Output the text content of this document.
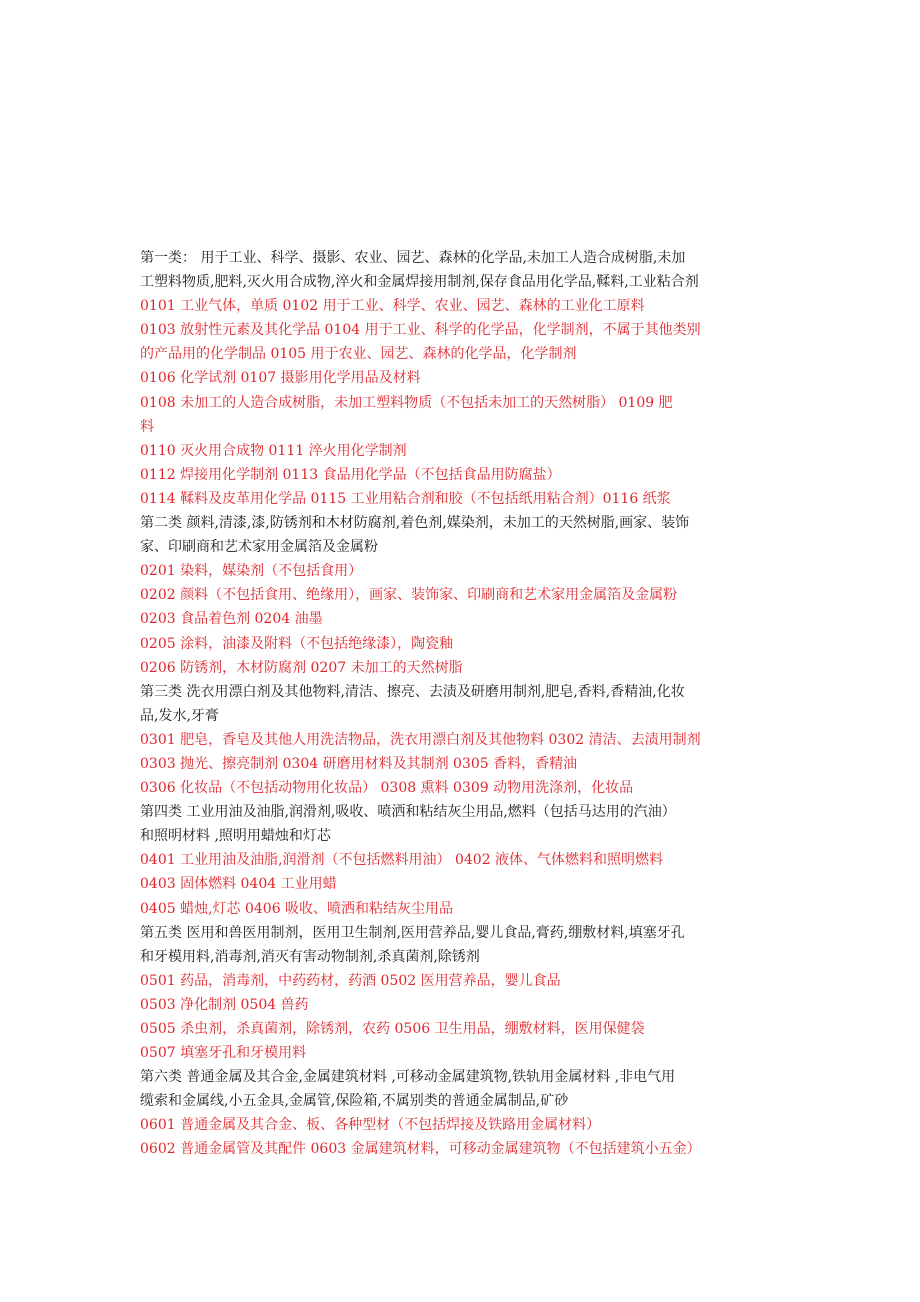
第一类： 用于工业、科学、摄影、农业、园艺、森林的化学品,未加工人造合成树脂,未加
工塑料物质,肥料,灭火用合成物,淬火和金属焊接用制剂,保存食品用化学品,鞣料,工业粘合剂
0101 工业气体，单质 0102 用于工业、科学、农业、园艺、森林的工业化工原料
0103 放射性元素及其化学品 0104 用于工业、科学的化学品，化学制剂，不属于其他类别
的产品用的化学制品 0105 用于农业、园艺、森林的化学品，化学制剂
0106 化学试剂 0107 摄影用化学用品及材料
0108 未加工的人造合成树脂，未加工塑料物质（不包括未加工的天然树脂） 0109 肥
料
0110 灭火用合成物 0111 淬火用化学制剂
0112 焊接用化学制剂 0113 食品用化学品（不包括食品用防腐盐）
0114 鞣料及皮革用化学品 0115 工业用粘合剂和胶（不包括纸用粘合剂）0116 纸浆
第二类 颜料,清漆,漆,防锈剂和木材防腐剂,着色剂,媒染剂，未加工的天然树脂,画家、装饰
家、印刷商和艺术家用金属箔及金属粉
0201 染料，媒染剂（不包括食用）
0202 颜料（不包括食用、绝缘用），画家、装饰家、印刷商和艺术家用金属箔及金属粉
0203 食品着色剂 0204 油墨
0205 涂料，油漆及附料（不包括绝缘漆），陶瓷釉
0206 防锈剂，木材防腐剂 0207 未加工的天然树脂
第三类 洗衣用漂白剂及其他物料,清洁、擦亮、去渍及研磨用制剂,肥皂,香料,香精油,化妆
品,发水,牙膏
0301 肥皂，香皂及其他人用洗洁物品，洗衣用漂白剂及其他物料 0302 清洁、去渍用制剂
0303 抛光、擦亮制剂 0304 研磨用材料及其制剂 0305 香料，香精油
0306 化妆品（不包括动物用化妆品） 0308 熏料 0309 动物用洗涤剂，化妆品
第四类 工业用油及油脂,润滑剂,吸收、喷洒和粘结灰尘用品,燃料（包括马达用的汽油）
和照明材料 ,照明用蜡烛和灯芯
0401 工业用油及油脂,润滑剂（不包括燃料用油） 0402 液体、气体燃料和照明燃料
0403 固体燃料 0404 工业用蜡
0405 蜡烛,灯芯 0406 吸收、喷洒和粘结灰尘用品
第五类 医用和兽医用制剂，医用卫生制剂,医用营养品,婴儿食品,膏药,绷敷材料,填塞牙孔
和牙模用料,消毒剂,消灭有害动物制剂,杀真菌剂,除锈剂
0501 药品，消毒剂，中药药材，药酒 0502 医用营养品，婴儿食品
0503 净化制剂 0504 兽药
0505 杀虫剂，杀真菌剂，除锈剂，农药 0506 卫生用品，绷敷材料，医用保健袋
0507 填塞牙孔和牙模用料
第六类 普通金属及其合金,金属建筑材料 ,可移动金属建筑物,铁轨用金属材料 ,非电气用
缆索和金属线,小五金具,金属管,保险箱,不属别类的普通金属制品,矿砂
0601 普通金属及其合金、板、各种型材（不包括焊接及铁路用金属材料）
0602 普通金属管及其配件 0603 金属建筑材料，可移动金属建筑物（不包括建筑小五金）
